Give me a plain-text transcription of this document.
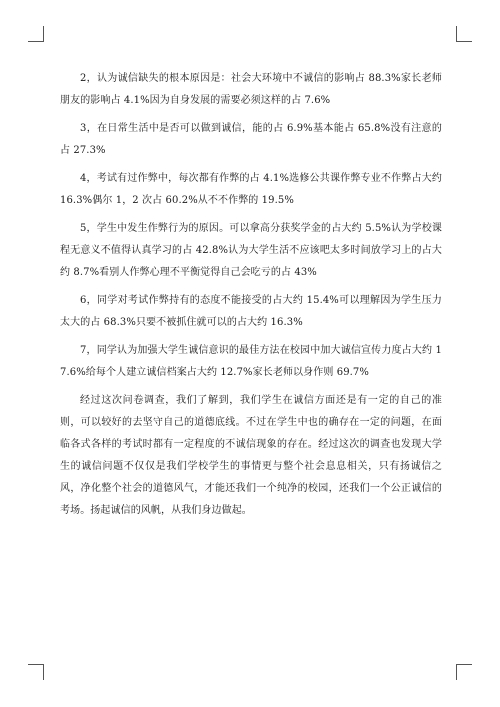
2，认为诚信缺失的根本原因是：社会大环境中不诚信的影响占 88.3%家长老师朋友的影响占 4.1%因为自身发展的需要必须这样的占 7.6%

3，在日常生活中是否可以做到诚信，能的占 6.9%基本能占 65.8%没有注意的占 27.3%

4，考试有过作弊中，每次都有作弊的占 4.1%选修公共课作弊专业不作弊占大约 16.3%偶尔 1，2 次占 60.2%从不不作弊的 19.5%

5，学生中发生作弊行为的原因。可以拿高分获奖学金的占大约 5.5%认为学校课程无意义不值得认真学习的占 42.8%认为大学生活不应该吧太多时间放学习上的占大约 8.7%看别人作弊心理不平衡觉得自己会吃亏的占 43%

6，同学对考试作弊持有的态度不能接受的占大约 15.4%可以理解因为学生压力太大的占 68.3%只要不被抓住就可以的占大约 16.3%

7，同学认为加强大学生诚信意识的最佳方法在校园中加大诚信宣传力度占大约 17.6%给每个人建立诚信档案占大约 12.7%家长老师以身作则 69.7%

经过这次问卷调查，我们了解到，我们学生在诚信方面还是有一定的自己的准则，可以较好的去坚守自己的道德底线。不过在学生中也的确存在一定的问题，在面临各式各样的考试时都有一定程度的不诚信现象的存在。经过这次的调查也发现大学生的诚信问题不仅仅是我们学校学生的事情更与整个社会息息相关，只有扬诚信之风，净化整个社会的道德风气，才能还我们一个纯净的校园，还我们一个公正诚信的考场。扬起诚信的风帆，从我们身边做起。
